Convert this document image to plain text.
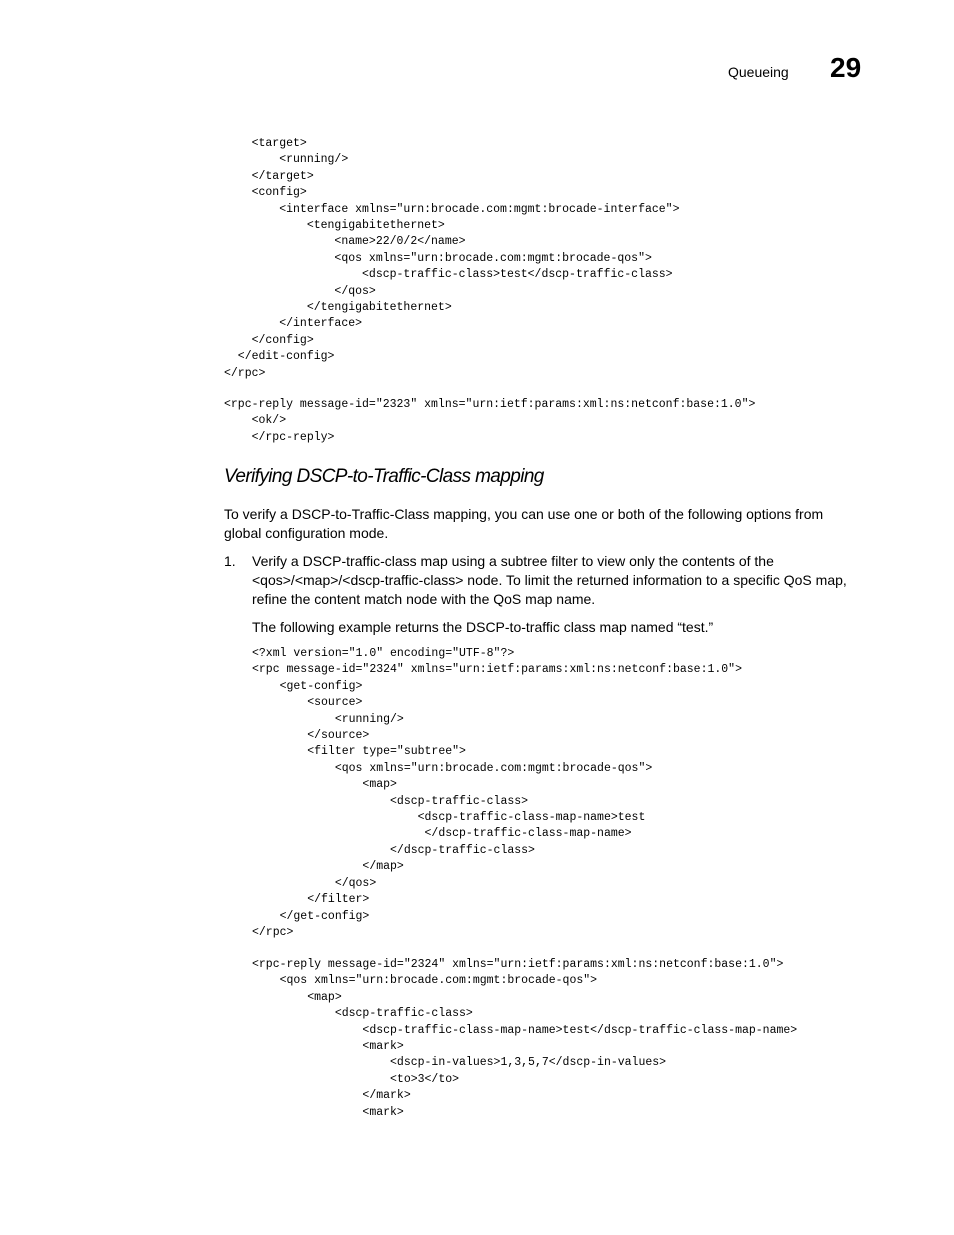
Queueing 29
<target>
<running/>
</target>
<config>
<interface xmlns="urn:brocade.com:mgmt:brocade-interface">
<tengigabitethernet>
<name>22/0/2</name>
<qos xmlns="urn:brocade.com:mgmt:brocade-qos">
<dscp-traffic-class>test</dscp-traffic-class>
</qos>
</tengigabitethernet>
</interface>
</config>
</edit-config>
</rpc>
<rpc-reply message-id="2323" xmlns="urn:ietf:params:xml:ns:netconf:base:1.0">
<ok/>
</rpc-reply>
Verifying DSCP-to-Traffic-Class mapping

To verify a DSCP-to-Traffic-Class mapping, you can use one or both of the following options from global configuration mode.

1. Verify a DSCP-traffic-class map using a subtree filter to view only the contents of the <qos>/<map>/<dscp-traffic-class> node. To limit the returned information to a specific QoS map, refine the content match node with the QoS map name.

The following example returns the DSCP-to-traffic class map named “test.”

<?xml version="1.0" encoding="UTF-8"?>
<rpc message-id="2324" xmlns="urn:ietf:params:xml:ns:netconf:base:1.0">
<get-config>
<source>
<running/>
</source>
<filter type="subtree">
<qos xmlns="urn:brocade.com:mgmt:brocade-qos">
<map>
<dscp-traffic-class>
<dscp-traffic-class-map-name>test
</dscp-traffic-class-map-name>
</dscp-traffic-class>
</map>
</qos>
</filter>
</get-config>
</rpc>
<rpc-reply message-id="2324" xmlns="urn:ietf:params:xml:ns:netconf:base:1.0">
<qos xmlns="urn:brocade.com:mgmt:brocade-qos">
<map>
<dscp-traffic-class>
<dscp-traffic-class-map-name>test</dscp-traffic-class-map-name>
<mark>
<dscp-in-values>1,3,5,7</dscp-in-values>
<to>3</to>
</mark>
<mark>
